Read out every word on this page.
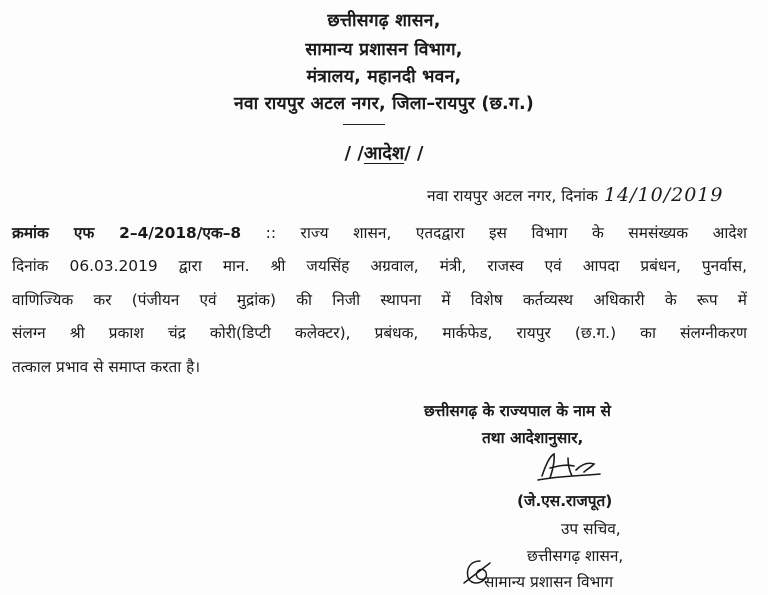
छत्तीसगढ़ शासन,
सामान्य प्रशासन विभाग,
मंत्रालय, महानदी भवन,
नवा रायपुर अटल नगर, जिला–रायपुर (छ.ग.)
/ /आदेश/ /
नवा रायपुर अटल नगर, दिनांक 14/10/2019
क्रमांक एफ 2–4/2018/एक–8 :: राज्य शासन, एतदद्वारा इस विभाग के समसंख्यक आदेश
दिनांक 06.03.2019 द्वारा मान. श्री जयसिंह अग्रवाल, मंत्री, राजस्व एवं आपदा प्रबंधन, पुनर्वास,
वाणिज्यिक कर (पंजीयन एवं मुद्रांक) की निजी स्थापना में विशेष कर्तव्यस्थ अधिकारी के रूप में
संलग्न श्री प्रकाश चंद्र कोरी(डिप्टी कलेक्टर), प्रबंधक, मार्कफेड, रायपुर (छ.ग.) का संलग्नीकरण
तत्काल प्रभाव से समाप्त करता है।
छत्तीसगढ़ के राज्यपाल के नाम से
तथा आदेशानुसार,
(जे.एस.राजपूत)
उप सचिव,
छत्तीसगढ़ शासन,
सामान्य प्रशासन विभाग
